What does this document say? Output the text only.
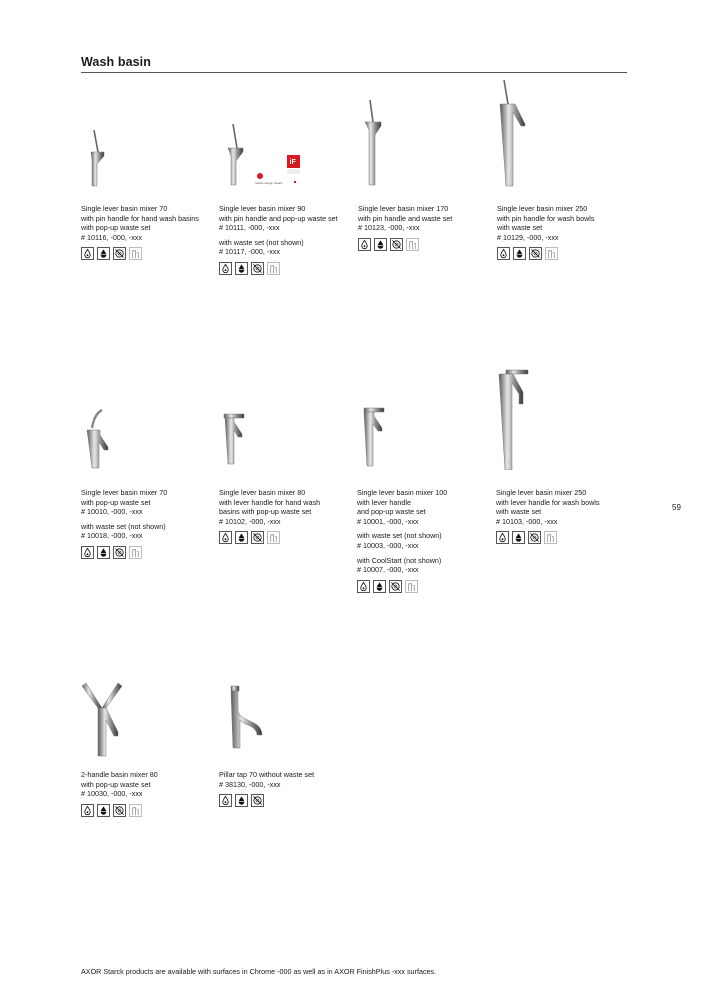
Wash basin

Single lever basin mixer 70

with pin handle for hand wash basins

with pop-up waste set

# 10116, -000, -xxx

iF
reddot design award

Single lever basin mixer 90

with pin handle and pop-up waste set

# 10111, -000, -xxx

with waste set (not shown)

# 10117, -000, -xxx

Single lever basin mixer 170

with pin handle and waste set

# 10123, -000, -xxx

Single lever basin mixer 250

with pin handle for wash bowls

with waste set

# 10129, -000, -xxx

Single lever basin mixer 70

with pop-up waste set

# 10010, -000, -xxx

with waste set (not shown)

# 10018, -000, -xxx

Single lever basin mixer 80

with lever handle for hand wash

basins with pop-up waste set

# 10102, -000, -xxx

Single lever basin mixer 100

with lever handle

and pop-up waste set

# 10001, -000, -xxx

with waste set (not shown)

# 10003, -000, -xxx

with CoolStart (not shown)

# 10007, -000, -xxx

Single lever basin mixer 250

with lever handle for wash bowls

with waste set

# 10103, -000, -xxx

2-handle basin mixer 80

with pop-up waste set

# 10030, -000, -xxx

Pillar tap 70 without waste set

# 38130, -000, -xxx

59
AXOR Starck products are available with surfaces in Chrome -000 as well as in AXOR FinishPlus -xxx surfaces.
